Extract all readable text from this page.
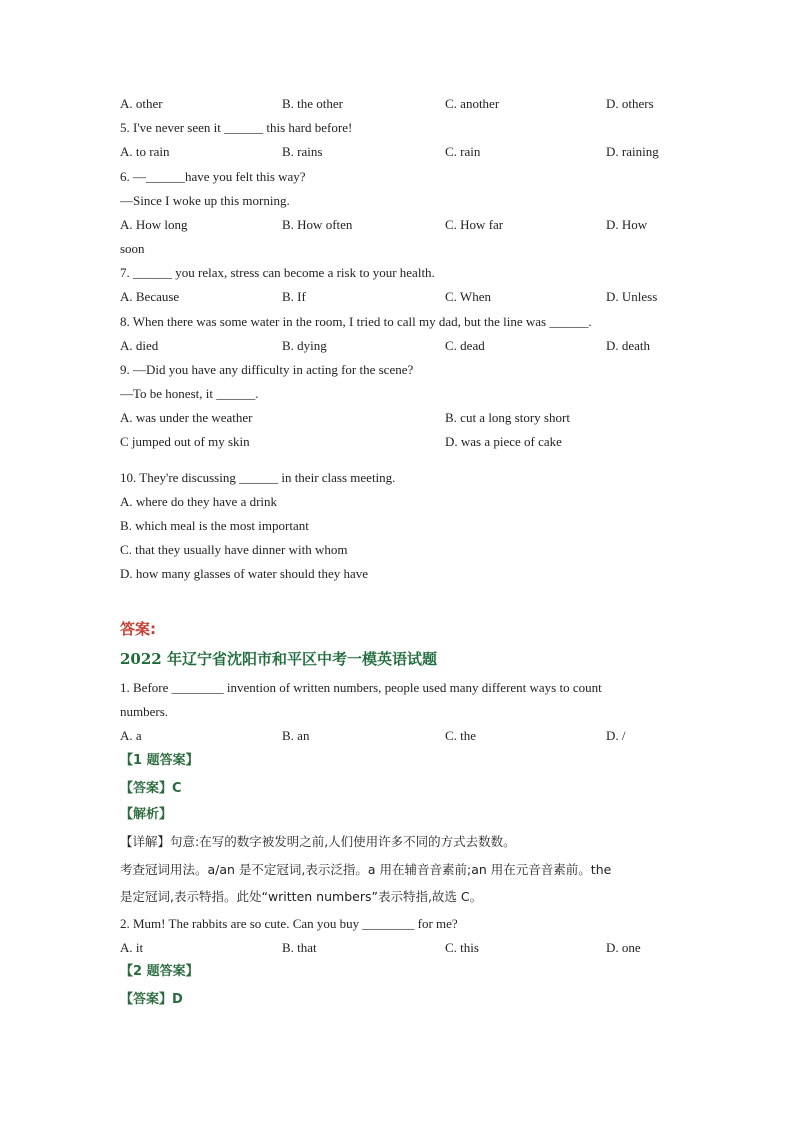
A. other	B. the other	C. another	D. others
5. I've never seen it ______ this hard before!
A. to rain	B. rains	C. rain	D. raining
6. —______have you felt this way?
—Since I woke up this morning.
A. How long	B. How often	C. How far	D. How
soon
7. ______ you relax, stress can become a risk to your health.
A. Because	B. If	C. When	D. Unless
8. When there was some water in the room, I tried to call my dad, but the line was ______.
A. died	B. dying	C. dead	D. death
9. —Did you have any difficulty in acting for the scene?
—To be honest, it ______.
A. was under the weather	B. cut a long story short
C jumped out of my skin	D. was a piece of cake
10. They're discussing ______ in their class meeting.
A. where do they have a drink
B. which meal is the most important
C. that they usually have dinner with whom
D. how many glasses of water should they have
答案:
2022 年辽宁省沈阳市和平区中考一模英语试题
1. Before ________ invention of written numbers, people used many different ways to count
numbers.
A. a	B. an	C. the	D. /
【1 题答案】
【答案】C
【解析】
【详解】句意:在写的数字被发明之前,人们使用许多不同的方式去数数。
考查冠词用法。a/an 是不定冠词,表示泛指。a 用在辅音音素前;an 用在元音音素前。the
是定冠词,表示特指。此处“written numbers”表示特指,故选 C。
2. Mum! The rabbits are so cute. Can you buy ________ for me?
A. it	B. that	C. this	D. one
【2 题答案】
【答案】D
